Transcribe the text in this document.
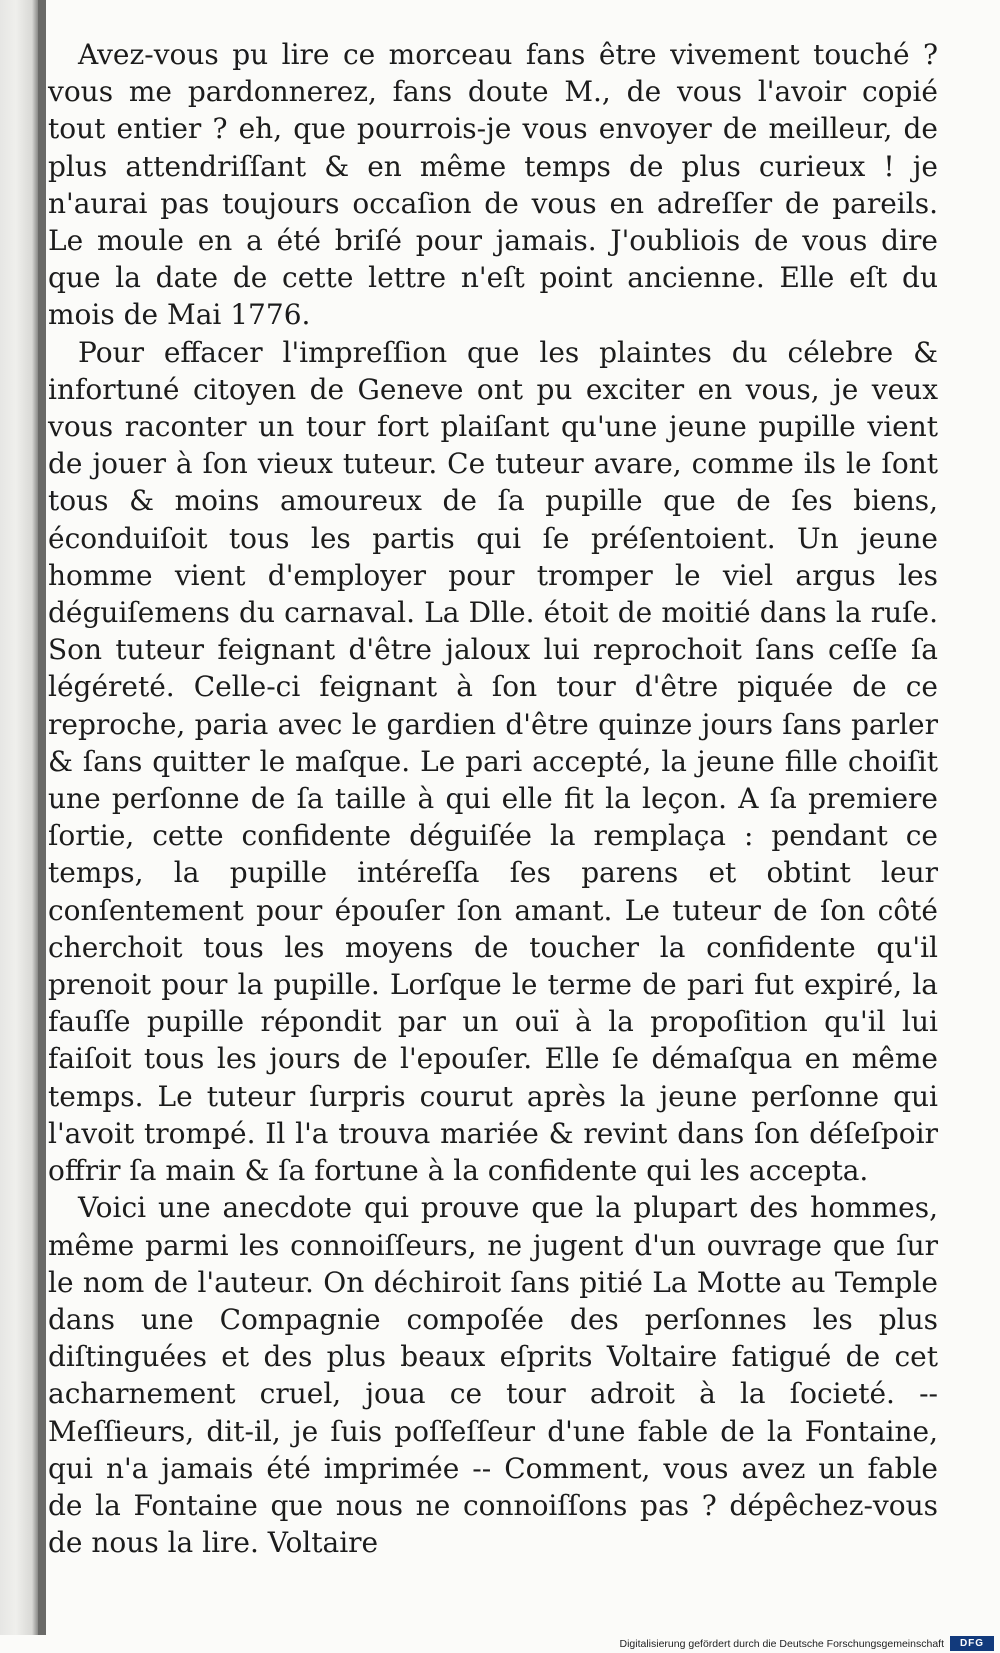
Avez-vous pu lire ce morceau fans être vivement touché ? vous me pardonnerez, fans doute M., de vous l'avoir copié tout entier ? eh, que pourrois-je vous envoyer de meilleur, de plus attendriſſant & en même temps de plus curieux ! je n'aurai pas toujours occaſion de vous en adreſſer de pareils. Le moule en a été briſé pour jamais. J'oubliois de vous dire que la date de cette lettre n'eſt point ancienne. Elle eſt du mois de Mai 1776.

Pour effacer l'impreſſion que les plaintes du célebre & infortuné citoyen de Geneve ont pu exciter en vous, je veux vous raconter un tour fort plaiſant qu'une jeune pupille vient de jouer à ſon vieux tuteur. Ce tuteur avare, comme ils le ſont tous & moins amoureux de ſa pupille que de ſes biens, éconduiſoit tous les partis qui ſe préſentoient. Un jeune homme vient d'employer pour tromper le viel argus les déguiſemens du carnaval. La Dlle. étoit de moitié dans la ruſe. Son tuteur feignant d'être jaloux lui reprochoit ſans ceſſe ſa légéreté. Celle-ci feignant à ſon tour d'être piquée de ce reproche, paria avec le gardien d'être quinze jours ſans parler & ſans quitter le maſque. Le pari accepté, la jeune fille choiſit une perſonne de ſa taille à qui elle fit la leçon. A ſa premiere ſortie, cette confidente déguiſée la remplaça : pendant ce temps, la pupille intéreſſa ſes parens et obtint leur conſentement pour épouſer ſon amant. Le tuteur de ſon côté cherchoit tous les moyens de toucher la confidente qu'il prenoit pour la pupille. Lorſque le terme de pari fut expiré, la fauſſe pupille répondit par un ouï à la propoſition qu'il lui faiſoit tous les jours de l'epouſer. Elle ſe démaſqua en même temps. Le tuteur ſurpris courut après la jeune perſonne qui l'avoit trompé. Il l'a trouva mariée & revint dans ſon déſeſpoir offrir ſa main & ſa fortune à la confidente qui les accepta.

Voici une anecdote qui prouve que la plupart des hommes, même parmi les connoiſſeurs, ne jugent d'un ouvrage que ſur le nom de l'auteur. On déchiroit ſans pitié La Motte au Temple dans une Compagnie compoſée des perſonnes les plus diſtinguées et des plus beaux eſprits Voltaire fatigué de cet acharnement cruel, joua ce tour adroit à la ſocieté. -- Meſſieurs, dit-il, je ſuis poſſeſſeur d'une fable de la Fontaine, qui n'a jamais été imprimée -- Comment, vous avez un fable de la Fontaine que nous ne connoiſſons pas ? dépêchez-vous de nous la lire. Voltaire

Digitalisierung gefördert durch die Deutsche Forschungsgemeinschaft	DFG
